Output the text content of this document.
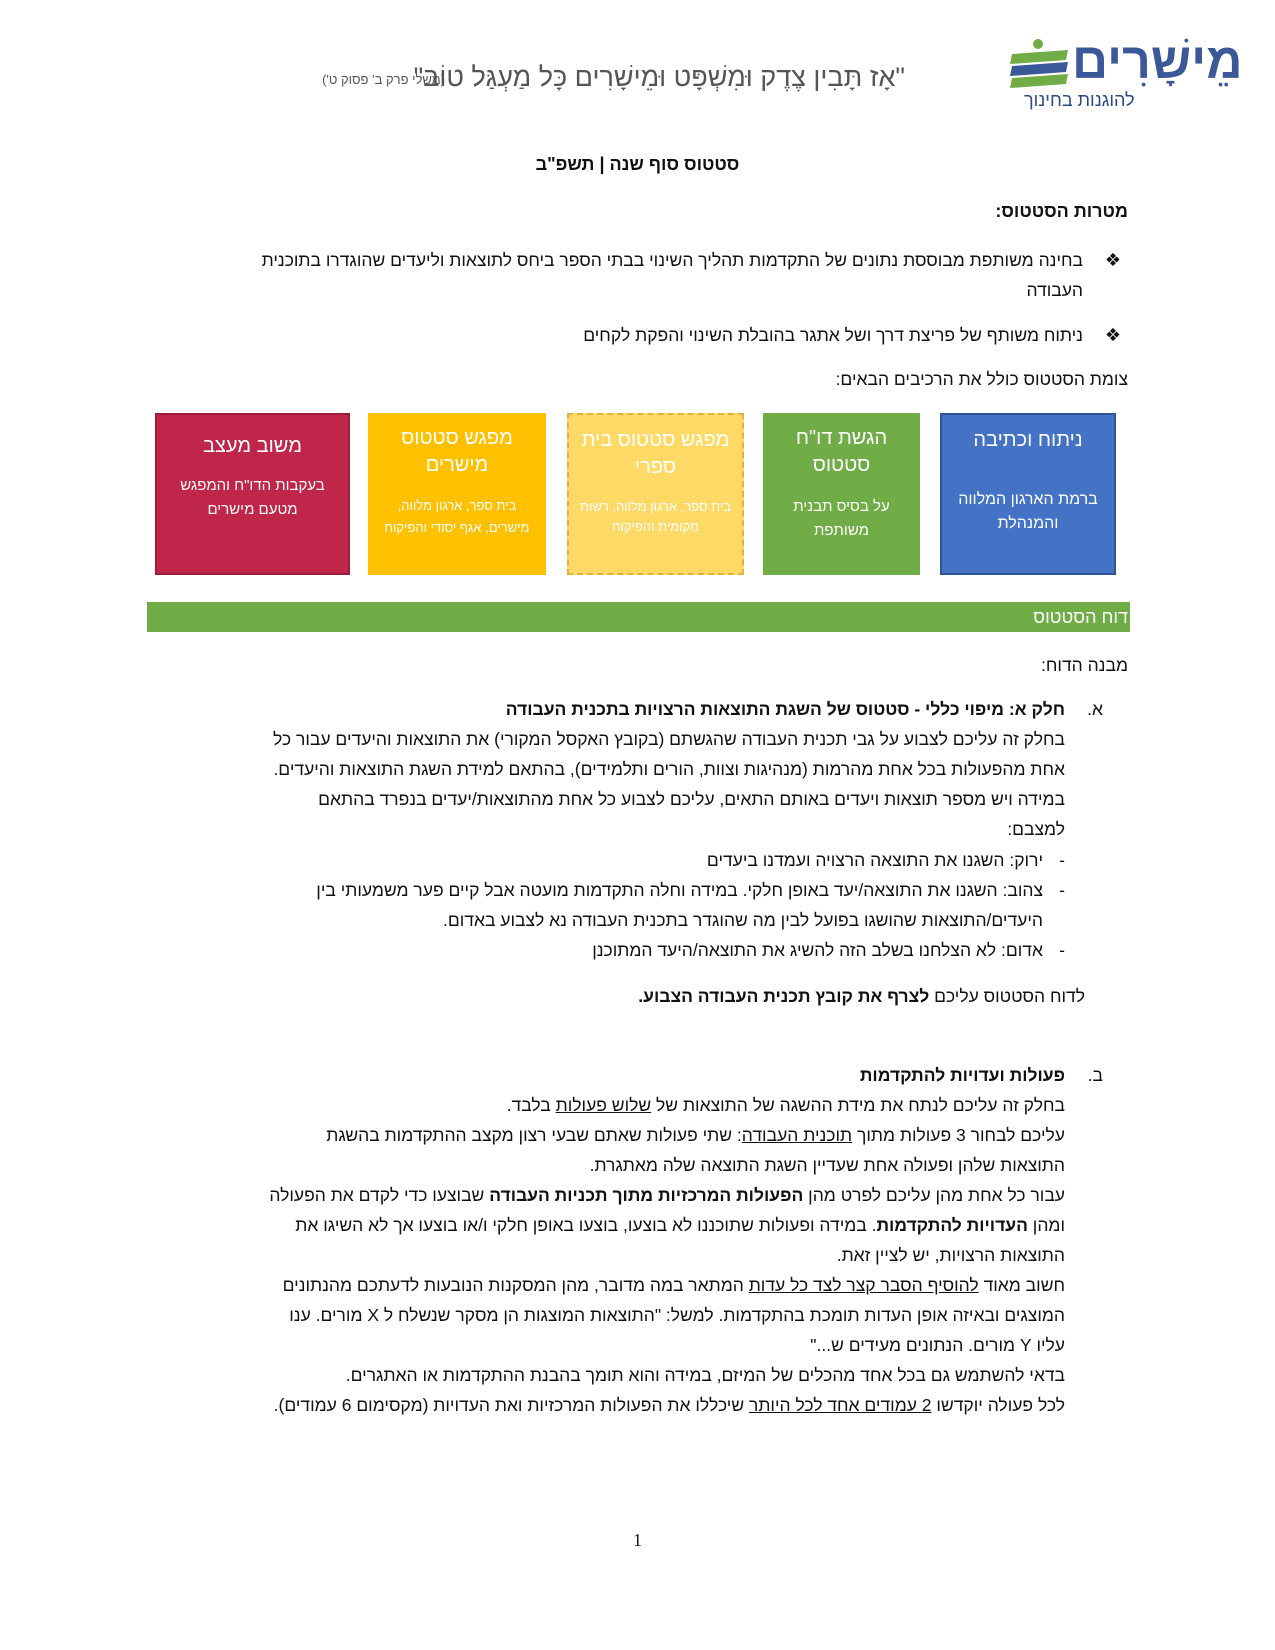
מֵישָׁרִים
להוגנות בחינוך
"אָז תָּבִין צֶדֶק וּמִשְׁפָּט וּמֵישָׁרִים כָּל מַעְגַּל טוֹב"
(משלי פרק ב' פסוק ט')
סטטוס סוף שנה | תשפ"ב
מטרות הסטטוס:
❖
בחינה משותפת מבוססת נתונים של התקדמות תהליך השינוי בבתי הספר ביחס לתוצאות וליעדים שהוגדרו בתוכנית העבודה
❖
ניתוח משותף של פריצת דרך ושל אתגר בהובלת השינוי והפקת לקחים
צומת הסטטוס כולל את הרכיבים הבאים:
ניתוח וכתיבה
ברמת הארגון המלווה והמנהלת
הגשת דו"ח סטטוס
על בסיס תבנית משותפת
מפגש סטטוס בית ספרי
בית ספר, ארגון מלווה, רשות מקומית והפיקוח
מפגש סטטוס מישרים
בית ספר, ארגון מלווה, מישרים, אגף יסודי והפיקוח
משוב מעצב
בעקבות הדו"ח והמפגש מטעם מישרים
דוח הסטטוס
מבנה הדוח:
א.
חלק א: מיפוי כללי - סטטוס של השגת התוצאות הרצויות בתכנית העבודה
בחלק זה עליכם לצבוע על גבי תכנית העבודה שהגשתם (בקובץ האקסל המקורי) את התוצאות והיעדים עבור כל
אחת מהפעולות בכל אחת מהרמות (מנהיגות וצוות, הורים ותלמידים), בהתאם למידת השגת התוצאות והיעדים.
במידה ויש מספר תוצאות ויעדים באותם התאים, עליכם לצבוע כל אחת מהתוצאות/יעדים בנפרד בהתאם
למצבם:
-
ירוק: השגנו את התוצאה הרצויה ועמדנו ביעדים
-
צהוב: השגנו את התוצאה/יעד באופן חלקי. במידה וחלה התקדמות מועטה אבל קיים פער משמעותי בין
היעדים/התוצאות שהושגו בפועל לבין מה שהוגדר בתכנית העבודה נא לצבוע באדום.
-
אדום: לא הצלחנו בשלב הזה להשיג את התוצאה/היעד המתוכנן
לדוח הסטטוס עליכם לצרף את קובץ תכנית העבודה הצבוע.
ב.
פעולות ועדויות להתקדמות
בחלק זה עליכם לנתח את מידת ההשגה של התוצאות של שלוש פעולות בלבד.
עליכם לבחור 3 פעולות מתוך תוכנית העבודה: שתי פעולות שאתם שבעי רצון מקצב ההתקדמות בהשגת
התוצאות שלהן ופעולה אחת שעדיין השגת התוצאה שלה מאתגרת.
עבור כל אחת מהן עליכם לפרט מהן הפעולות המרכזיות מתוך תכניות העבודה שבוצעו כדי לקדם את הפעולה
ומהן העדויות להתקדמות. במידה ופעולות שתוכננו לא בוצעו, בוצעו באופן חלקי ו/או בוצעו אך לא השיגו את
התוצאות הרצויות, יש לציין זאת.
חשוב מאוד להוסיף הסבר קצר לצד כל עדות המתאר במה מדובר, מהן המסקנות הנובעות לדעתכם מהנתונים
המוצגים ובאיזה אופן העדות תומכת בהתקדמות. למשל: "התוצאות המוצגות הן מסקר שנשלח ל X מורים. ענו
עליו Y מורים. הנתונים מעידים ש..."
בדאי להשתמש גם בכל אחד מהכלים של המיזם, במידה והוא תומך בהבנת ההתקדמות או האתגרים.
לכל פעולה יוקדשו 2 עמודים אחד לכל היותר שיכללו את הפעולות המרכזיות ואת העדויות (מקסימום 6 עמודים).
1
